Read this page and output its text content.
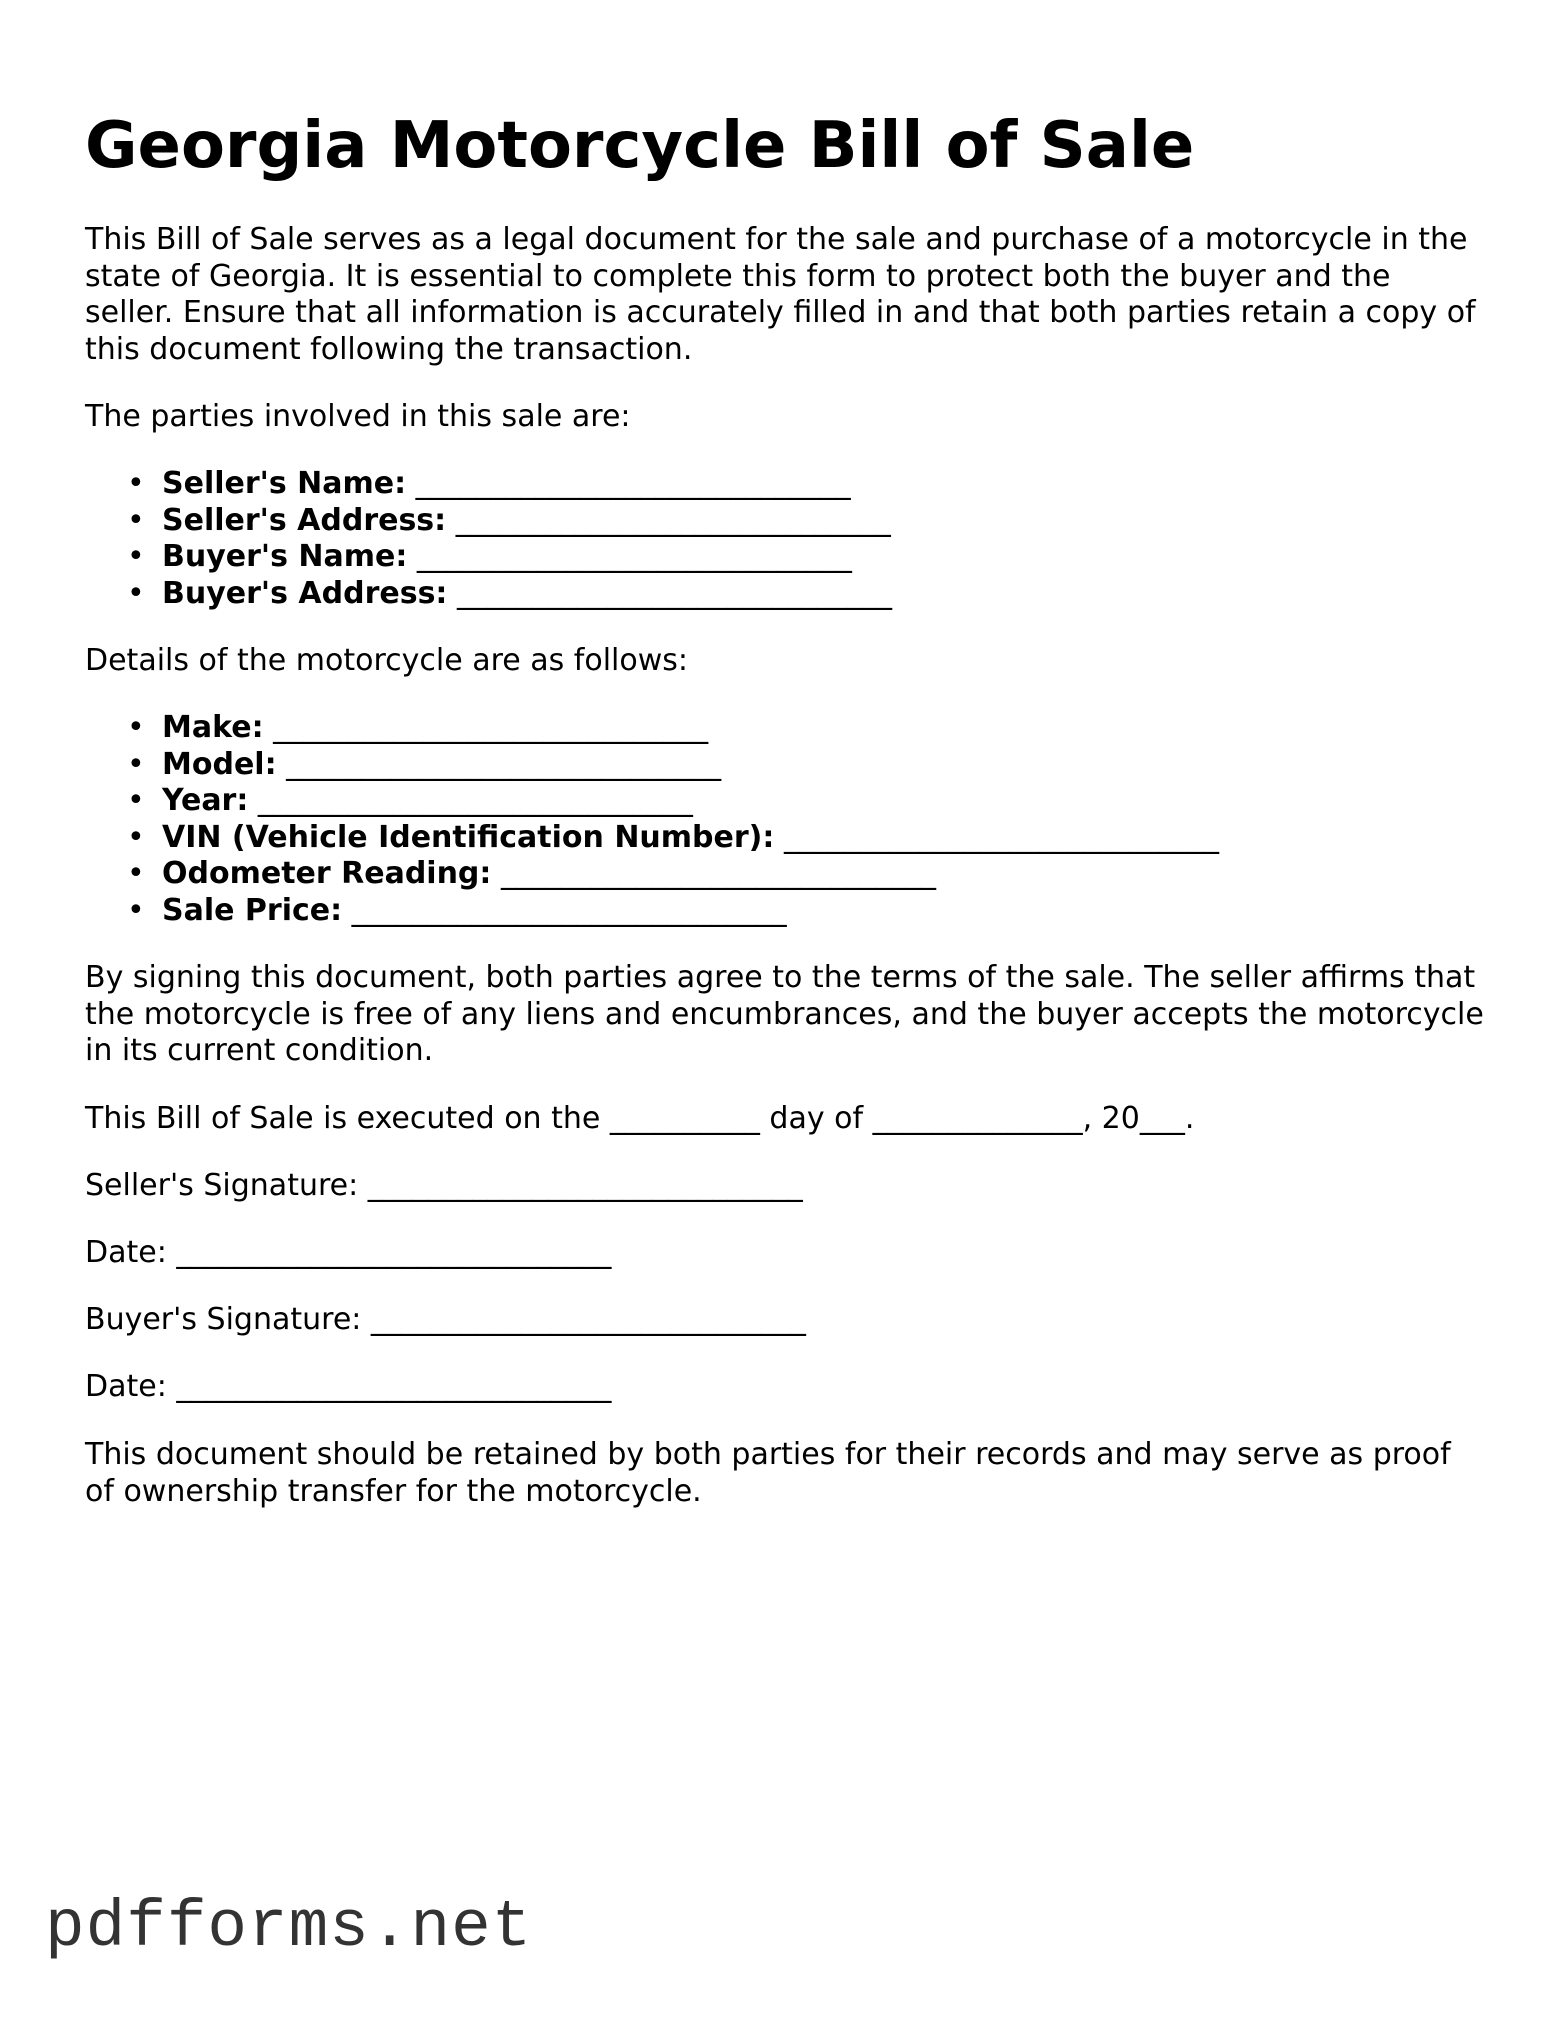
Georgia Motorcycle Bill of Sale

This Bill of Sale serves as a legal document for the sale and purchase of a motorcycle in the state of Georgia. It is essential to complete this form to protect both the buyer and the seller. Ensure that all information is accurately filled in and that both parties retain a copy of this document following the transaction.

The parties involved in this sale are:

• Seller's Name: _____________________________
• Seller's Address: _____________________________
• Buyer's Name: _____________________________
• Buyer's Address: _____________________________

Details of the motorcycle are as follows:

• Make: _____________________________
• Model: _____________________________
• Year: _____________________________
• VIN (Vehicle Identification Number): _____________________________
• Odometer Reading: _____________________________
• Sale Price: _____________________________

By signing this document, both parties agree to the terms of the sale. The seller affirms that the motorcycle is free of any liens and encumbrances, and the buyer accepts the motorcycle in its current condition.

This Bill of Sale is executed on the __________ day of ______________, 20___.

Seller's Signature: _____________________________

Date: _____________________________

Buyer's Signature: _____________________________

Date: _____________________________

This document should be retained by both parties for their records and may serve as proof of ownership transfer for the motorcycle.

pdfforms.net
